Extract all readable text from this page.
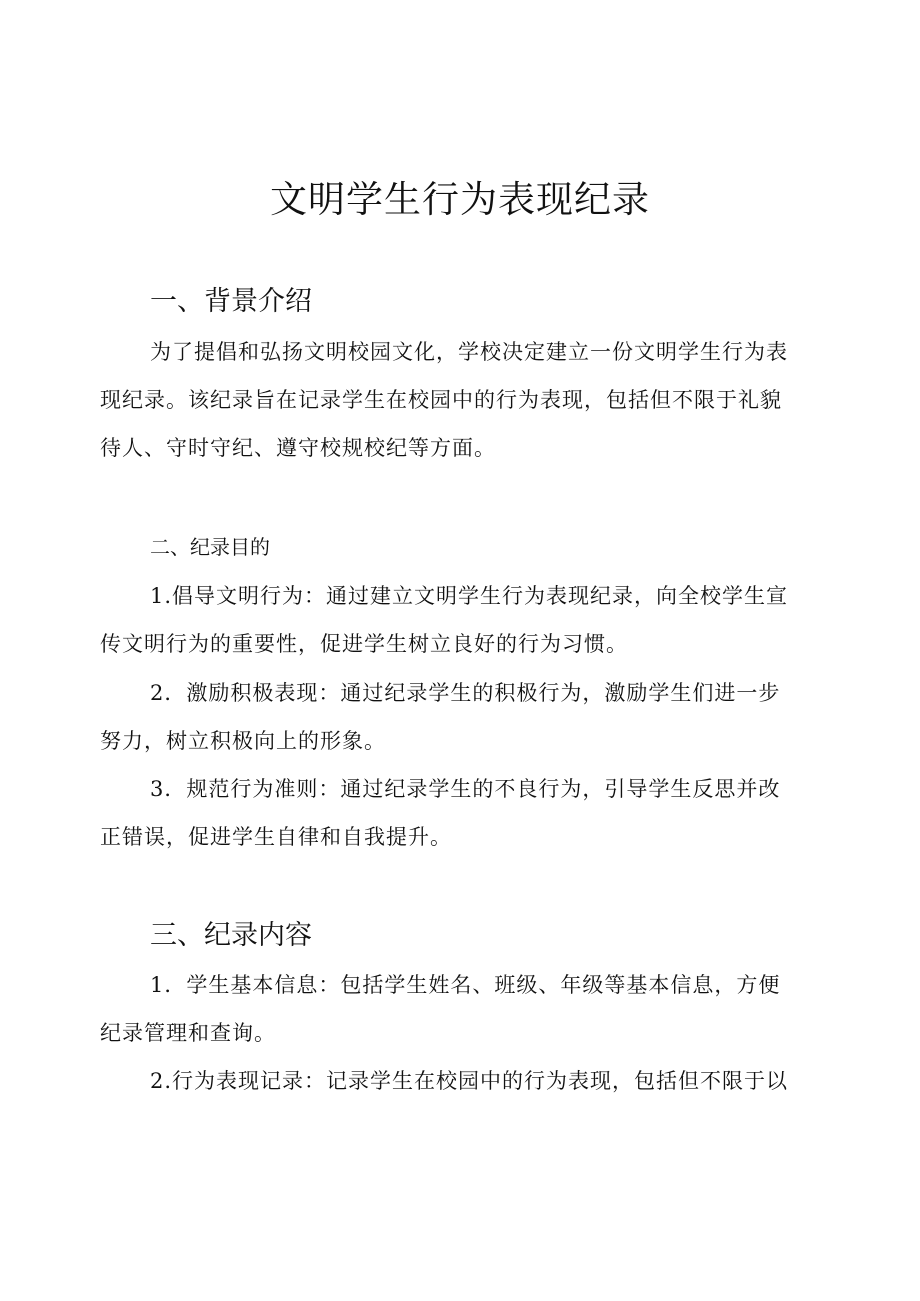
文明学生行为表现纪录
一、背景介绍
为了提倡和弘扬文明校园文化，学校决定建立一份文明学生行为表
现纪录。该纪录旨在记录学生在校园中的行为表现，包括但不限于礼貌
待人、守时守纪、遵守校规校纪等方面。
二、纪录目的
1.倡导文明行为：通过建立文明学生行为表现纪录，向全校学生宣
传文明行为的重要性，促进学生树立良好的行为习惯。
2．激励积极表现：通过纪录学生的积极行为，激励学生们进一步
努力，树立积极向上的形象。
3．规范行为准则：通过纪录学生的不良行为，引导学生反思并改
正错误，促进学生自律和自我提升。
三、纪录内容
1．学生基本信息：包括学生姓名、班级、年级等基本信息，方便
纪录管理和查询。
2.行为表现记录：记录学生在校园中的行为表现，包括但不限于以
